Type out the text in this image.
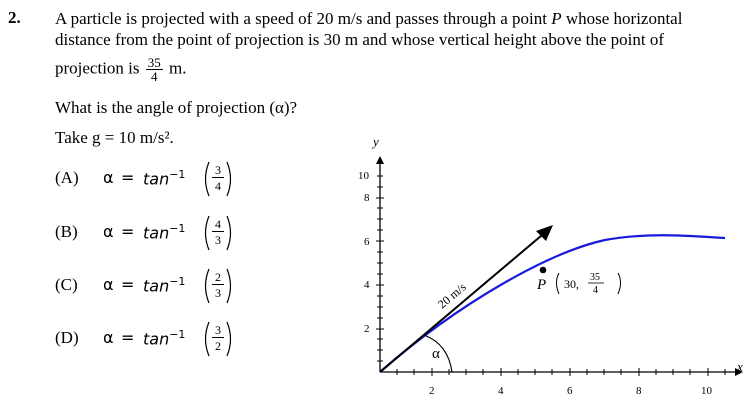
2. A particle is projected with a speed of 20 m/s and passes through a point P whose horizontal
distance from the point of projection is 30 m and whose vertical height above the point of
projection is $\frac{35}{4} m$.
What is the angle of projection (α)?
Take g = 10 m/s².
(A) $\alpha = \tan^{-1} 3$
4
(B) $\alpha = \tan^{-1} 4$
3
(C) $\alpha = \tan^{-1} 2$
3
(D) $\alpha = \tan^{-1} 3$
2
y
x
2
4
6
8
10
2	4	6	8	10
20 m/s
α
P 30, 35
4
